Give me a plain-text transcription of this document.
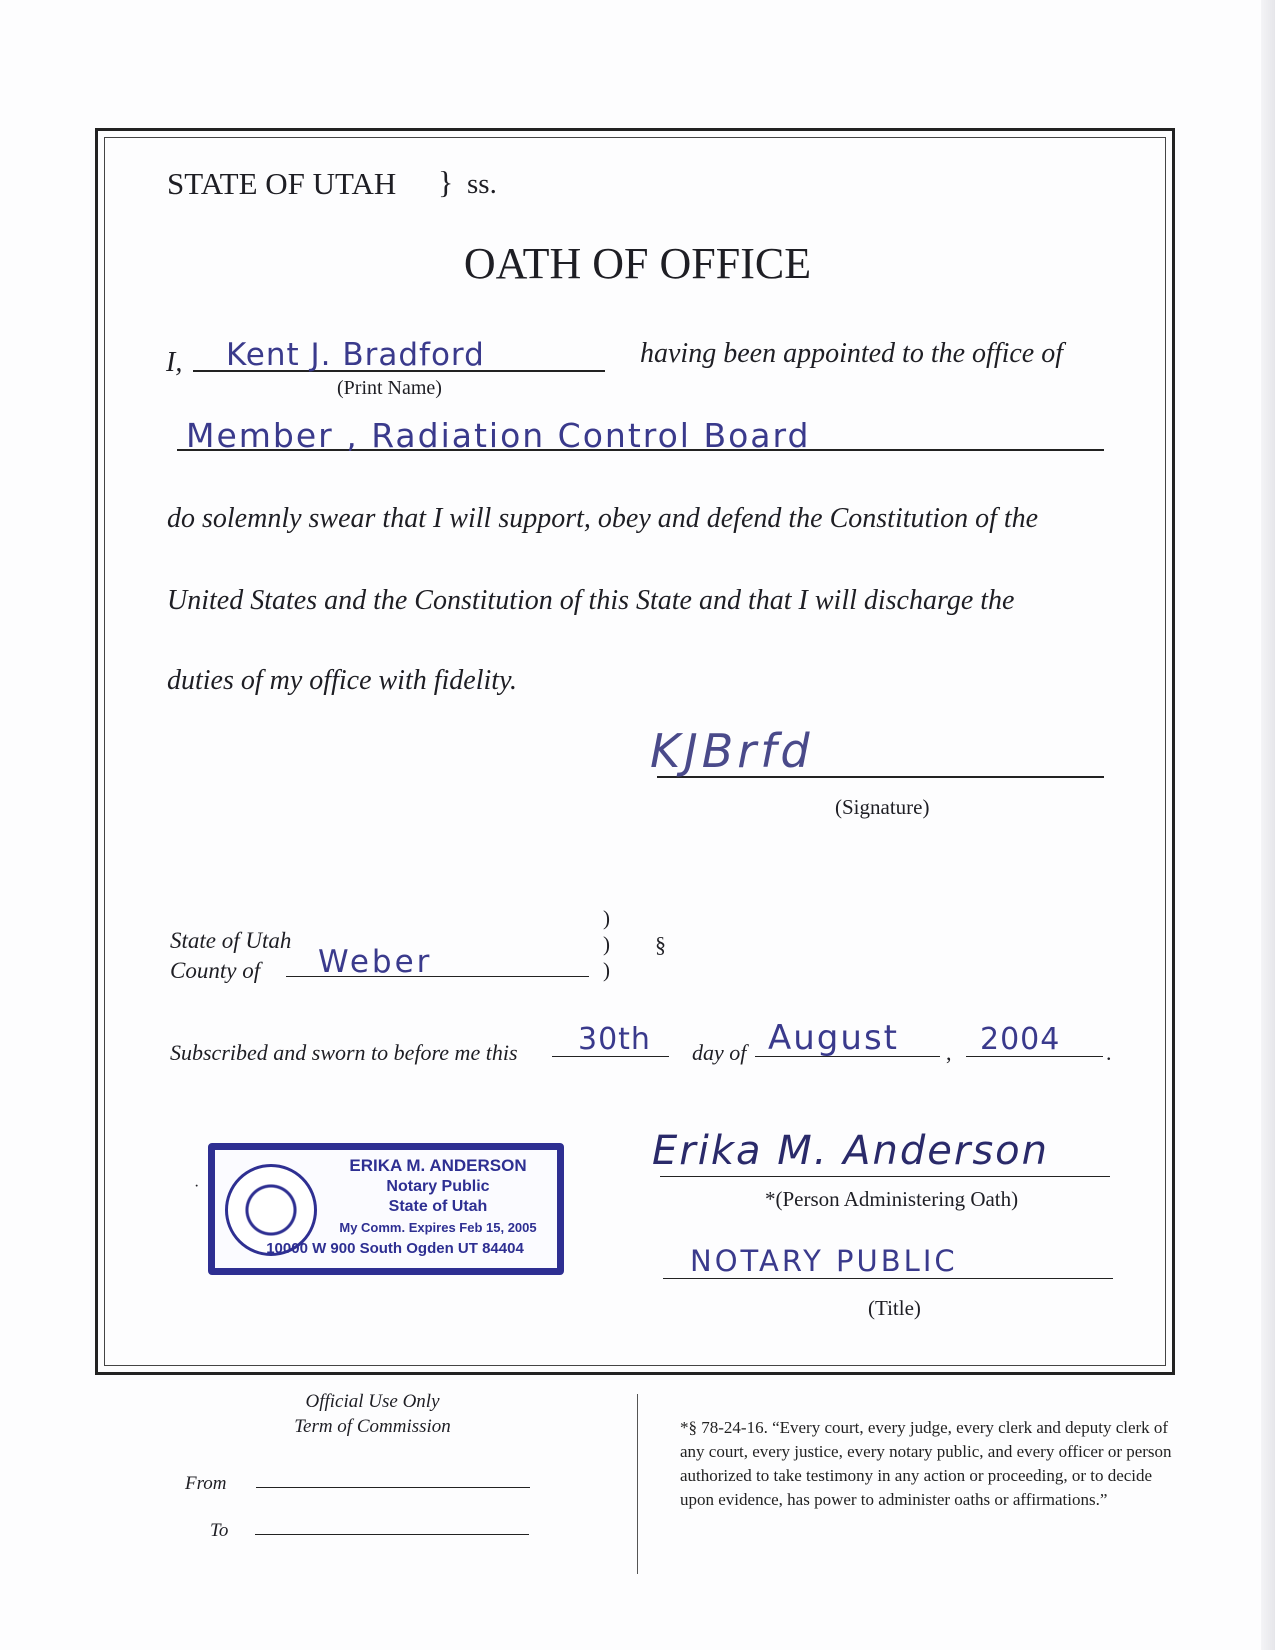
STATE OF UTAH } ss.
OATH OF OFFICE
I, Kent J. Bradford
(Print Name)
having been appointed to the office of
Member , Radiation Control Board
do solemnly swear that I will support, obey and defend the Constitution of the
United States and the Constitution of this State and that I will discharge the
duties of my office with fidelity.
KJBrfd
(Signature)
)
)
)
§
State of Utah
County of Weber
Subscribed and sworn to before me this 30th day of August , 2004 .
·
ERIKA M. ANDERSON
Notary Public
State of Utah
My Comm. Expires Feb 15, 2005
10000 W 900 South Ogden UT 84404
Erika M. Anderson
*(Person Administering Oath)
NOTARY PUBLIC
(Title)
Official Use Only
Term of Commission
From
To
*§ 78-24-16. “Every court, every judge, every clerk and deputy clerk of any court, every justice, every notary public, and every officer or person authorized to take testimony in any action or proceeding, or to decide upon evidence, has power to administer oaths or affirmations.”
